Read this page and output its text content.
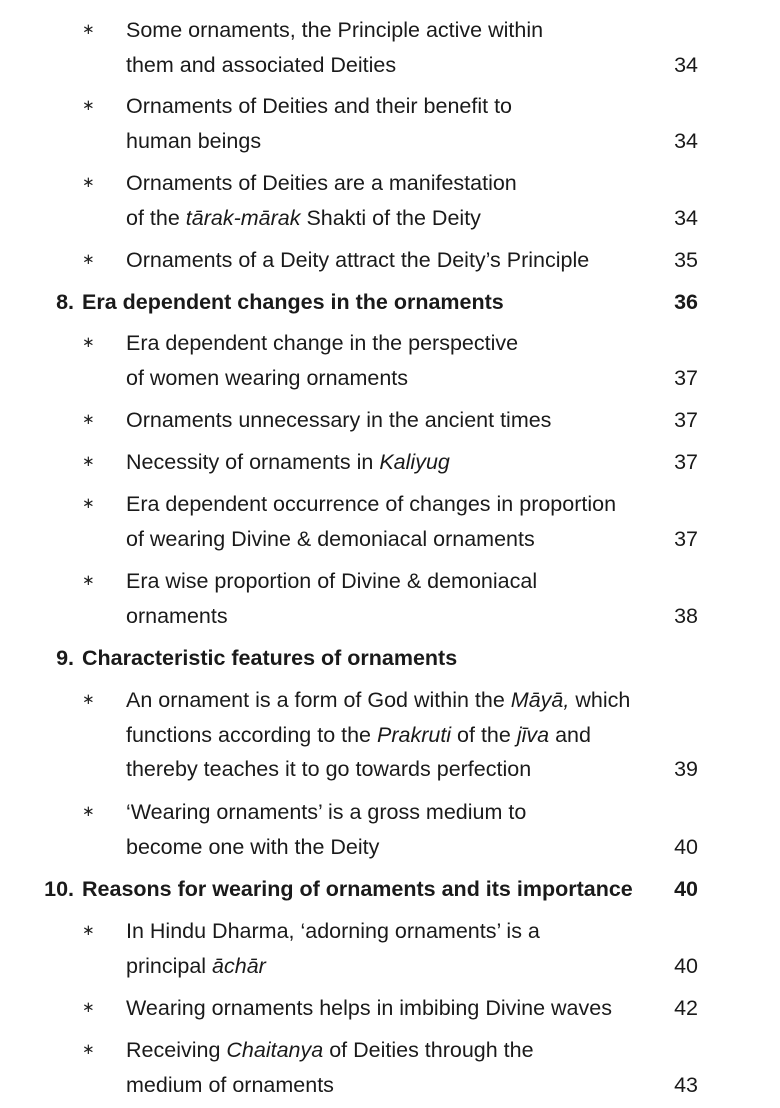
∗ Some ornaments, the Principle active within
them and associated Deities	34
∗ Ornaments of Deities and their benefit to
human beings	34
∗ Ornaments of Deities are a manifestation
of the tārak-mārak Shakti of the Deity	34
∗ Ornaments of a Deity attract the Deity’s Principle	35
8. Era dependent changes in the ornaments	36
∗ Era dependent change in the perspective
of women wearing ornaments	37
∗ Ornaments unnecessary in the ancient times	37
∗ Necessity of ornaments in Kaliyug	37
∗ Era dependent occurrence of changes in proportion
of wearing Divine & demoniacal ornaments	37
∗ Era wise proportion of Divine & demoniacal
ornaments	38
9. Characteristic features of ornaments
∗ An ornament is a form of God within the Māyā, which
functions according to the Prakruti of the jīva and
thereby teaches it to go towards perfection	39
∗ ‘Wearing ornaments’ is a gross medium to
become one with the Deity	40
10. Reasons for wearing of ornaments and its importance	40
∗ In Hindu Dharma, ‘adorning ornaments’ is a
principal āchār	40
∗ Wearing ornaments helps in imbibing Divine waves	42
∗ Receiving Chaitanya of Deities through the
medium of ornaments	43
